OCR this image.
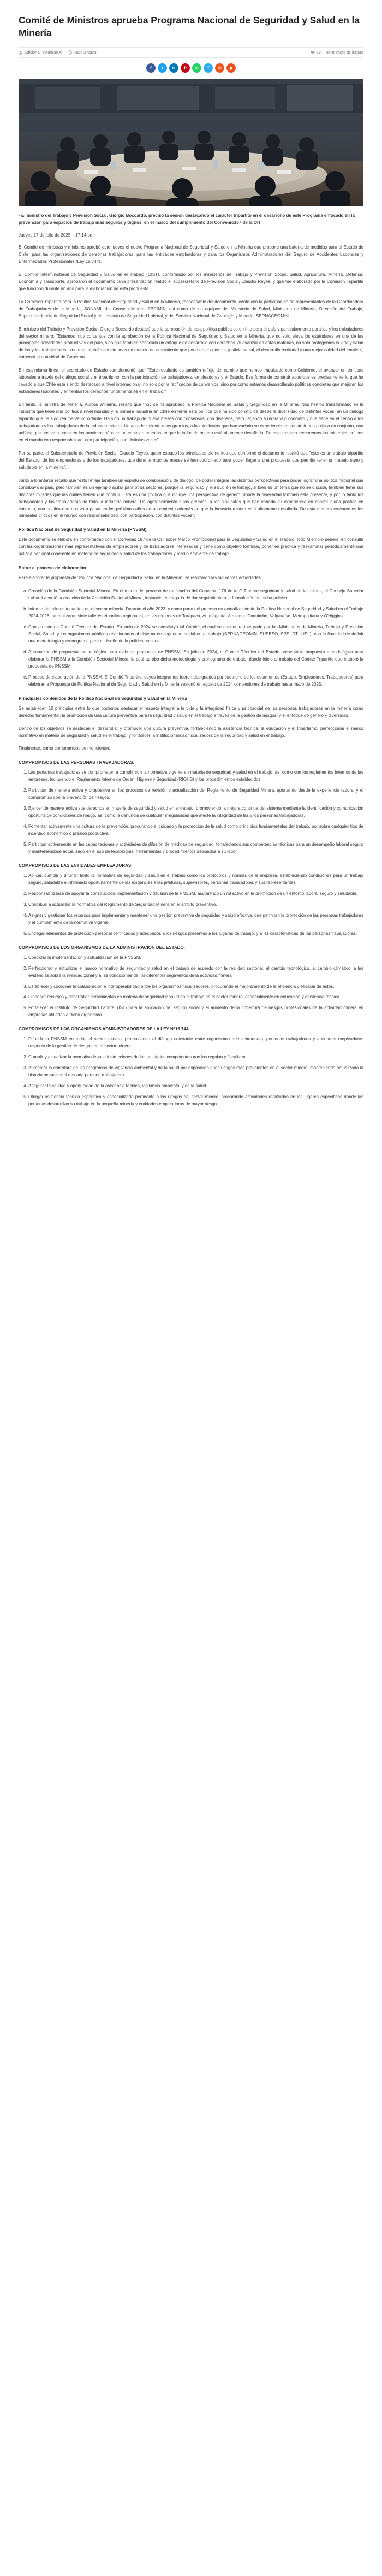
Comité de Ministros aprueba Programa Nacional de Seguridad y Salud en la Minería
Edición El Insumiso Al	Hace 3 horas	12	minutos de lectura
f	t	in	P	w	T	@	p

• El ministro del Trabajo y Previsión Social, Giorgio Boccardo, precisó la sesión destacando el carácter tripartito en el desarrollo de este Programa enfocado en la prevención para espacios de trabajo más seguros y dignos, en el marco del cumplimiento del Convenio187 de la OIT

Jueves 17 de julio de 2025 – 17:14 pm.-

El Comité de ministras y ministros aprobó este jueves el nuevo Programa Nacional de Seguridad y Salud en la Minería que propone una batería de medidas para el Estado de Chile, para las organizaciones de personas trabajadoras, para las entidades empleadoras y para los Organismos Administradores del Seguro de Accidentes Laborales y Enfermedades Profesionales (Ley 16.744).

El Comité Interministerial de Seguridad y Salud en el Trabajo (CIST), conformado por los ministerios de Trabajo y Previsión Social, Salud, Agricultura, Minería, Defensa, Economía y Transporte, aprobaron el documento cuya presentación realizó el subsecretario de Previsión Social, Claudio Reyes, y que fue elaborado por la Comisión Tripartita que funcionó durante un año para la elaboración de esta propuesta.

La Comisión Tripartita para la Política Nacional de Seguridad y Salud en la Minería, responsable del documento, contó con la participación de representantes de la Coordinadora de Trabajadores de la Minería, SONAMI, del Consejo Minero, APRIMIN, así como de los equipos del Ministerio de Salud, Ministerio de Minería, Dirección del Trabajo, Superintendencia de Seguridad Social y del Instituto de Seguridad Laboral, y del Servicio Nacional de Geología y Minería, SERNAGEOMIN.

El ministro del Trabajo y Previsión Social, Giorgio Boccardo destacó que la aprobación de esta política pública es un hito para el país y particularmente para las y los trabajadores del sector minero: "Estamos muy contentos con la aprobación de la Política Nacional de Seguridad y Salud en la Minería, que no solo eleva los estándares en una de las principales actividades productivas del país, sino que también consolida un enfoque de desarrollo con derechos. Al avanzar en estas materias, no solo protegemos la vida y salud de las y los trabajadores, sino que también construimos un modelo de crecimiento que pone en el centro la justicia social, el desarrollo territorial y una mejor calidad del empleo", comentó la autoridad de Gobierno.

En esa misma línea, el secretario de Estado complementó que: "Este resultado es también reflejo del camino que hemos impulsado como Gobierno, el avanzar en políticas laborales a través del diálogo social y el tripartismo, con la participación de trabajadores, empleadores y el Estado. Esa forma de construir acuerdos es precisamente lo que ha llevado a que Chile esté siendo destacado a nivel internacional, no solo por la ratificación de convenios, sino por cómo estamos desarrollando políticas concretas que mejoran los estándares laborales y enfrentan los derechos fundamentales en el trabajo."

En tanto, la ministra de Minería, Aurora Williams, resaltó que "hoy se ha aprobado la Política Nacional de Salud y Seguridad en la Minería. Nos hemos transformado en la industria que tiene una política a nivel mundial y la primera industria en Chile en tener esta política que ha sido construida desde la diversidad de distintas voces, en un diálogo tripartito que ha sido realmente importante. Ha sido un trabajo de nueve meses con consensos, con disensos, pero llegando a un trabajo concreto y que tiene en el centro a los trabajadores y las trabajadoras de la industria minera. Un agradecimiento a los gremios, a los sindicatos que han variado su experiencia en construir una política en conjunto, una política que nos va a pasar en los próximos años en un contexto además en que la industria minera está altamente desafiada. De esta manera crecaremos los minerales críticos en el mundo con responsabilidad, con participación, con distintas voces".

Por su parte, el Subsecretario de Previsión Social, Claudio Reyes, quien expuso los principales elementos que conforme el documento resaltó que "este es un trabajo tripartito del Estado, de los empleadores y de los trabajadores, que durante muchos meses se han coordinado para poder llegar a una propuesta que permita tener un trabajo sano y saludable en la minería".

Junto a lo anterior recalló que "esto refleja también un espíritu de colaboración, de diálogo, de poder integrar las distintas perspectivas para poder lograr una política nacional que contribuya al país, pero también es un ejemplo ajutar para otros sectores, porque la seguridad y el salud en el trabajo, si bien es un tema que no se discute, también tiene sus distintas miradas que las cuales tienen que confluir. Esta es una política que incluye una perspectiva de género, donde la diversidad también está presente, y por lo tanto los trabajadores y las trabajadoras de toda la industria minera. Un agradecimiento a los gremios, a los sindicatos que han variado su experiencia en construir una política en conjunto, una política que nos va a pasar en los próximos años en un contexto además en que la industria minera está altamente desafiada. De esta manera crecaremos los minerales críticos en el mundo con responsabilidad, con participación, con distintas voces".

Política Nacional de Seguridad y Salud en la Minería (PNSSM).

Este documento se elabora en conformidad con el Convenio 187 de la OIT sobre Marco Promocional para la Seguridad y Salud en el Trabajo, todo Miembro deberá, en consulta con las organizaciones más representativas de empleadores y de trabajadores interesadas y tiene como objetivo formular, poner en práctica y reexaminar periódicamente una política nacional coherente en materia de seguridad y salud de los trabajadores y medio ambiente de trabajo.

Sobre el proceso de elaboración

Para elaborar la propuesta de "Política Nacional de Seguridad y Salud en la Minería", se realizaron las siguientes actividades:

a. Creación de la Comisión Sectorial Minera. En el marco del proceso de ratificación del Convenio 176 de la OIT sobre seguridad y salud en las minas, el Consejo Superior Laboral acordó la creación de la Comisión Sectorial Minera, instancia encargada de dar seguimiento a la formulación de dicha política.
b. Informe de talleres tripartitos en el sector minería. Durante el año 2023, y como parte del proceso de actualización de la Política Nacional de Seguridad y Salud en el Trabajo 2024-2026, se realizaron siete talleres tripartitos regionales, en las regiones de Tarapacá, Antofagasta, Atacama, Coquimbo, Valparaíso, Metropolitana y O'Higgins.
c. Constitución de Comité Técnico del Estado. En junio de 2024 se constituyó tal Comité, el cual se encuentra integrado por los Ministerios de Minería, Trabajo y Previsión Social, Salud, y los organismos públicos relacionados al sistema de seguridad social en el trabajo (SERNAGEOMIN, SUSESO, SPS, DT e ISL), con la finalidad de definir una metodología y cronograma para el diseño de la política nacional.
d. Aprobación de propuesta metodológica para elaborar propuesta de PNSSM. En julio de 2024, el Comité Técnico del Estado presentó la propuesta metodológica para elaborar la PNSSM a la Comisión Sectorial Minera, la cual aprobó dicha metodología y cronograma de trabajo, dando inicio al trabajo del Comité Tripartito que elaboró la propuesta de PNSSM.
e. Proceso de elaboración de la PNSSM. El Comité Tripartito, cuyos integrantes fueron designados por cada uno de los estamentos (Estado, Empleadores, Trabajadores) para elaborar la Propuesta de Política Nacional de Seguridad y Salud en la Minería sesionó en agosto de 2024 con sesiones de trabajo hasta mayo de 2025.
Principales contenidos de la Política Nacional de Seguridad y Salud en la Minería

Se establecen 10 principios entre lo que podemos destacar el respeto integral a la vida y la integridad física y psicosocial de las personas trabajadoras en la minería como derecho fundamental; la promoción de una cultura preventiva para la seguridad y salud en el trabajo a través de la gestión de riesgos; y el enfoque de género y diversidad.

Dentro de los objetivos se destacan el desarrollar y promover una cultura preventiva, fortaleciendo la asistencia técnica, la educación y el tripartismo; perfeccionar el marco normativo en materia de seguridad y salud en el trabajo; y fortalecer la institucionalidad fiscalizadora de la seguridad y salud en el trabajo.

Finalmente, como compromisos se mencionan:

COMPROMISOS DE LAS PERSONAS TRABAJADORAS.
1. Las personas trabajadoras se comprometen a cumplir con la normativa vigente en materia de seguridad y salud en el trabajo, así como con los reglamentos internos de las empresas, incluyendo el Reglamento Interno de Orden, Higiene y Seguridad (RIOHS) y los procedimientos establecidos.
2. Participar de manera activa y propositiva en los procesos de revisión y actualización del Reglamento de Seguridad Minera, aportando desde la experiencia laboral y el compromiso con la prevención de riesgos.
3. Ejercer de manera activa sus derechos en materia de seguridad y salud en el trabajo, promoviendo la mejora continua del sistema mediante la identificación y comunicación oportuna de condiciones de riesgo, así como la denuncia de cualquier irregularidad que afecte la integridad de las y los personas trabajadoras.
4. Fomentar activamente una cultura de la prevención, procurando el cuidado y la promoción de la salud como principios fundamentales del trabajo, por sobre cualquier tipo de incentivo económico o presión productiva.
5. Participar activamente en las capacitaciones y actividades de difusión de medidas de seguridad, fortaleciendo sus competencias técnicas para un desempeño laboral seguro y manteniéndose actualizado en el uso de tecnologías, herramientas y procedimientos asociados a su labor.
COMPROMISOS DE LAS ENTIDADES EMPLEADORAS.
1. Aplicar, cumplir y difundir tanto la normativa de seguridad y salud en el trabajo como los protocolos y normas de la empresa, estableciendo condiciones para un trabajo seguro, saludable e informado oportunamente de las exigencias a las jefaturas, supervisores, personas trabajadoras y sus representantes.
2. Responsabilizarse de apoyar la construcción, implementación y difusión de la PNSSM, asumiendo un rol activo en la promoción de un entorno laboral seguro y saludable.
3. Contribuir a actualizar la normativa del Reglamento de Seguridad Minera en el ámbito preventivo.
4. Asignar y gestionar los recursos para implementar y mantener una gestión preventiva de seguridad y salud efectiva, que permitan la protección de las personas trabajadoras y el cumplimiento de la normativa vigente.
5. Entregar elementos de protección personal certificados y adecuados a los riesgos presentes a los lugares de trabajo, y a las características de las personas trabajadoras.
COMPROMISOS DE LOS ORGANISMOS DE LA ADMINISTRACIÓN DEL ESTADO.
1. Controlar la implementación y actualización de la PNSSM.
2. Perfeccionar y actualizar el marco normativo de seguridad y salud en el trabajo de acuerdo con la realidad sectorial, al cambio tecnológico, al cambio climático, a las evidencias sobre la realidad zonal y a las condiciones de los diferentes segmentos de la actividad minera.
3. Establecer y coordinar la colaboración e interoperabilidad entre los organismos fiscalizadores, procurando el mejoramiento de la eficiencia y eficacia de estos.
4. Disponer recursos y desarrollar herramientas en materia de seguridad y salud en el trabajo en el sector minero, especialmente en educación y asistencia técnica.
5. Fortalecer el Instituto de Seguridad Laboral (ISL) para la aplicación del seguro social y el aumento de la cobertura de riesgos profesionales de la actividad minera en empresas afiliadas a dicho organismo.
COMPROMISOS DE LOS ORGANISMOS ADMINISTRADORES DE LA LEY N°16.744.
1. Difundir la PNSSM en todos el sector minero, promoviendo el diálogo constante entre organismos administradores, personas trabajadoras y entidades empleadoras respecto de la gestión de riesgos en el sector minero.
2. Cumplir y actualizar la normativa legal e instrucciones de las entidades competentes que los regulan y fiscalizan.
3. Aumentar la cobertura de los programas de vigilancia ambiental y de la salud por exposición a los riesgos más prevalentes en el sector minero, manteniendo actualizada la historia ocupacional de cada persona trabajadora.
4. Asegurar la calidad y oportunidad de la asistencia técnica, vigilancia ambiental y de la salud.
5. Otorgar asistencia técnica específica y especializada pertinente a los riesgos del sector minero, procurando actividades realizadas en los lugares específicos donde las personas desarrollan su trabajo en la pequeña minería y entidades empleadoras de mayor riesgo.
